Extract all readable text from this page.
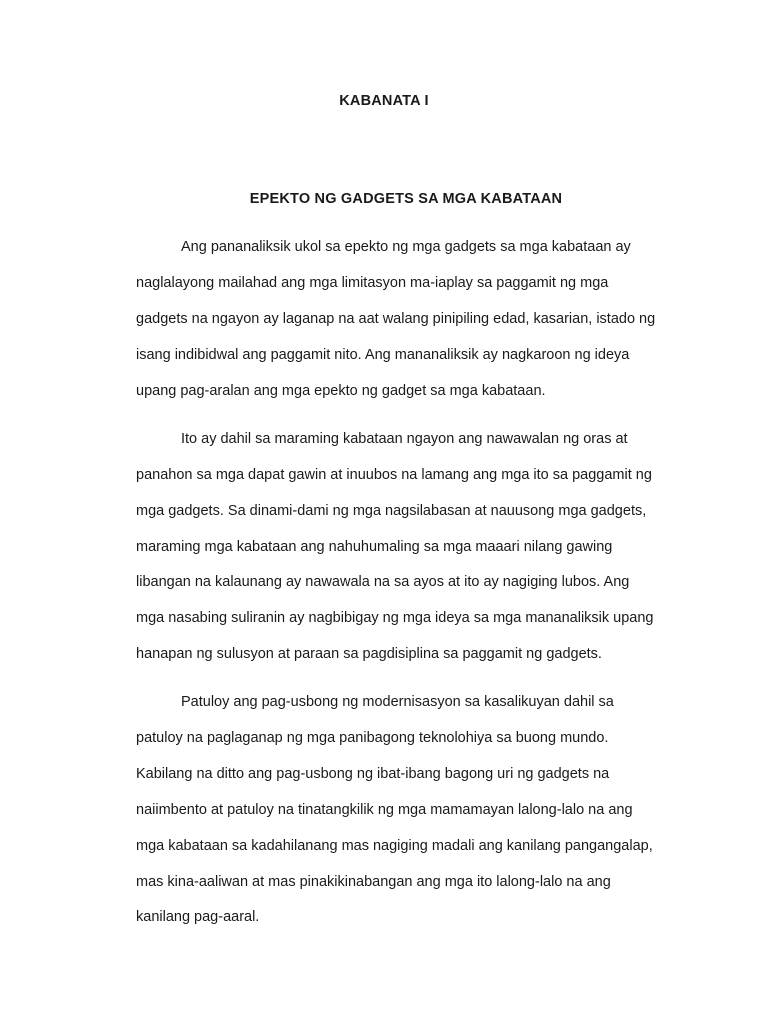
KABANATA I
EPEKTO NG GADGETS SA MGA KABATAAN
Ang pananaliksik ukol sa epekto ng mga gadgets sa mga kabataan ay
naglalayong mailahad ang mga limitasyon ma-iaplay sa paggamit ng mga
gadgets na ngayon ay laganap na aat walang pinipiling edad, kasarian, istado ng
isang indibidwal ang paggamit nito. Ang mananaliksik ay nagkaroon ng ideya
upang pag-aralan ang mga epekto ng gadget sa mga kabataan.
Ito ay dahil sa maraming kabataan ngayon ang nawawalan ng oras at
panahon sa mga dapat gawin at inuubos na lamang ang mga ito sa paggamit ng
mga gadgets. Sa dinami-dami ng mga nagsilabasan at nauusong mga gadgets,
maraming mga kabataan ang nahuhumaling sa mga maaari nilang gawing
libangan na kalaunang ay nawawala na sa ayos at ito ay nagiging lubos. Ang
mga nasabing suliranin ay nagbibigay ng mga ideya sa mga mananaliksik upang
hanapan ng sulusyon at paraan sa pagdisiplina sa paggamit ng gadgets.
Patuloy ang pag-usbong ng modernisasyon sa kasalikuyan dahil sa
patuloy na paglaganap ng mga panibagong teknolohiya sa buong mundo.
Kabilang na ditto ang pag-usbong ng ibat-ibang bagong uri ng gadgets na
naiimbento at patuloy na tinatangkilik ng mga mamamayan lalong-lalo na ang
mga kabataan sa kadahilanang mas nagiging madali ang kanilang pangangalap,
mas kina-aaliwan at mas pinakikinabangan ang mga ito lalong-lalo na ang
kanilang pag-aaral.
